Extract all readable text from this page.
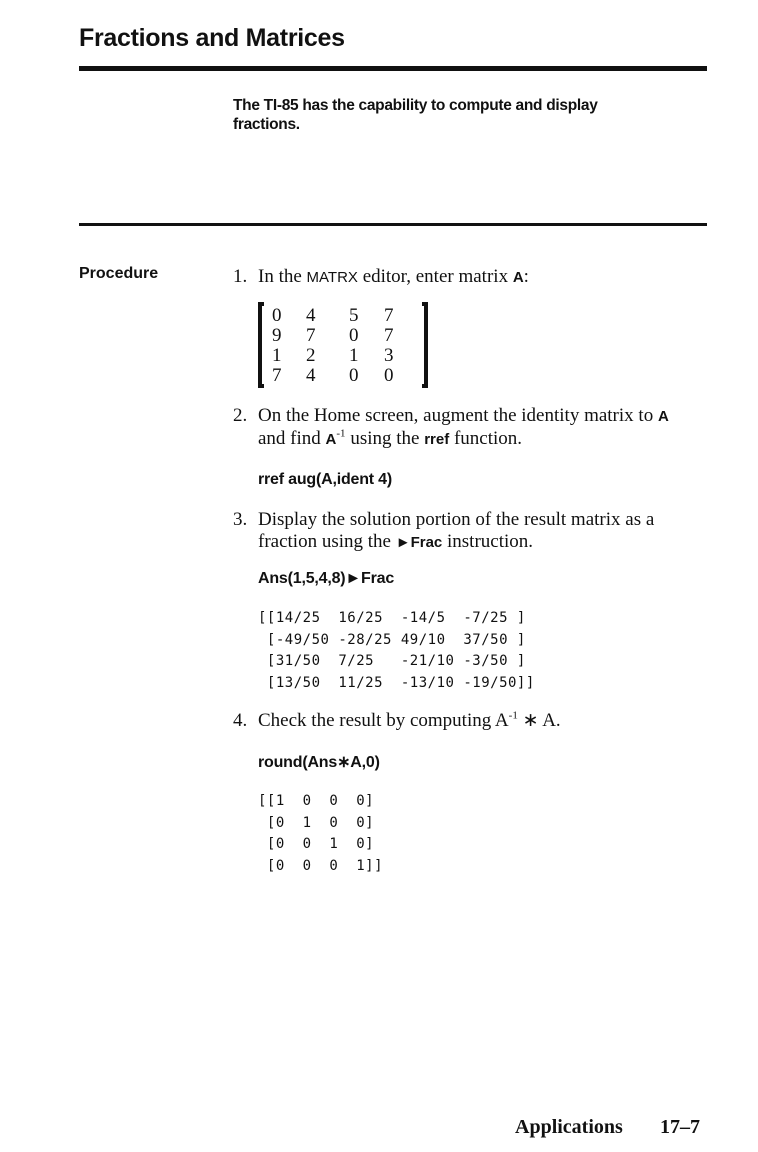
Fractions and Matrices
The TI-85 has the capability to compute and display fractions.
Procedure	1. In the MATRX editor, enter matrix A:
0 4 5 7
9 7 0 7
1 2 1 3
7 4 0 0
2. On the Home screen, augment the identity matrix to A
and find $A^{-1}$ using the rref function.
rref aug(A,ident 4)
3. Display the solution portion of the result matrix as a
fraction using the ►Frac instruction.
Ans(1,5,4,8)►Frac
[[14/25  16/25  -14/5  -7/25 ]
[-49/50 -28/25 49/10  37/50 ]
[31/50  7/25   -21/10 -3/50 ]
[13/50  11/25  -13/10 -19/50]]
4. Check the result by computing $A^{-1}$ ∗ A.
round(Ans∗A,0)
[[1  0  0  0]
[0  1  0  0]
[0  0  1  0]
[0  0  0  1]]
Applications 17–7
